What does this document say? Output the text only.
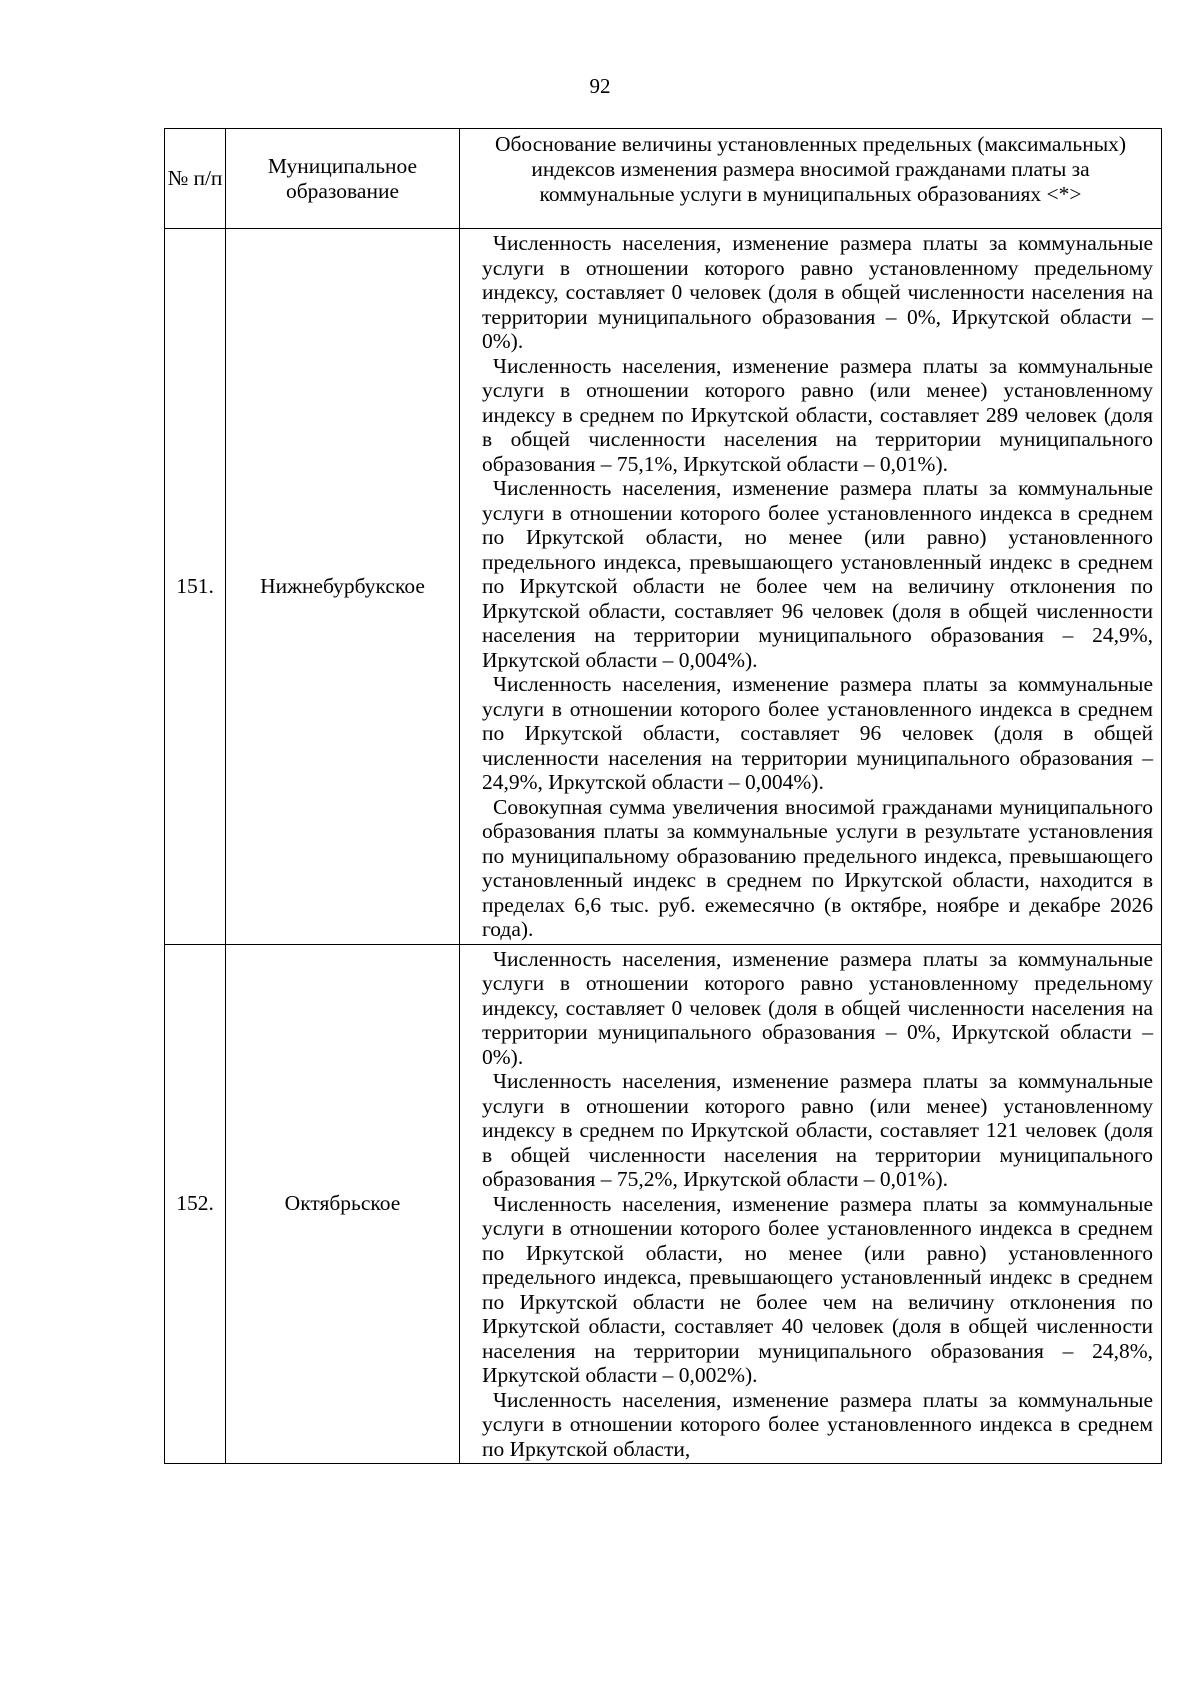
92
№ п/п	Муниципальное образование	Обоснование величины установленных предельных (максимальных) индексов изменения размера вносимой гражданами платы за коммунальные услуги в муниципальных образованиях <*>
151.	Нижнебурбукское	Численность населения, изменение размера платы за коммунальные услуги в отношении которого равно установленному предельному индексу, составляет 0 человек (доля в общей численности населения на территории муниципального образования – 0%, Иркутской области – 0%).

Численность населения, изменение размера платы за коммунальные услуги в отношении которого равно (или менее) установленному индексу в среднем по Иркутской области, составляет 289 человек (доля в общей численности населения на территории муниципального образования – 75,1%, Иркутской области – 0,01%).

Численность населения, изменение размера платы за коммунальные услуги в отношении которого более установленного индекса в среднем по Иркутской области, но менее (или равно) установленного предельного индекса, превышающего установленный индекс в среднем по Иркутской области не более чем на величину отклонения по Иркутской области, составляет 96 человек (доля в общей численности населения на территории муниципального образования – 24,9%, Иркутской области – 0,004%).

Численность населения, изменение размера платы за коммунальные услуги в отношении которого более установленного индекса в среднем по Иркутской области, составляет 96 человек (доля в общей численности населения на территории муниципального образования – 24,9%, Иркутской области – 0,004%).

Совокупная сумма увеличения вносимой гражданами муниципального образования платы за коммунальные услуги в результате установления по муниципальному образованию предельного индекса, превышающего установленный индекс в среднем по Иркутской области, находится в пределах 6,6 тыс. руб. ежемесячно (в октябре, ноябре и декабре 2026 года).

152.	Октябрьское	Численность населения, изменение размера платы за коммунальные услуги в отношении которого равно установленному предельному индексу, составляет 0 человек (доля в общей численности населения на территории муниципального образования – 0%, Иркутской области – 0%).

Численность населения, изменение размера платы за коммунальные услуги в отношении которого равно (или менее) установленному индексу в среднем по Иркутской области, составляет 121 человек (доля в общей численности населения на территории муниципального образования – 75,2%, Иркутской области – 0,01%).

Численность населения, изменение размера платы за коммунальные услуги в отношении которого более установленного индекса в среднем по Иркутской области, но менее (или равно) установленного предельного индекса, превышающего установленный индекс в среднем по Иркутской области не более чем на величину отклонения по Иркутской области, составляет 40 человек (доля в общей численности населения на территории муниципального образования – 24,8%, Иркутской области – 0,002%).

Численность населения, изменение размера платы за коммунальные услуги в отношении которого более установленного индекса в среднем по Иркутской области,
